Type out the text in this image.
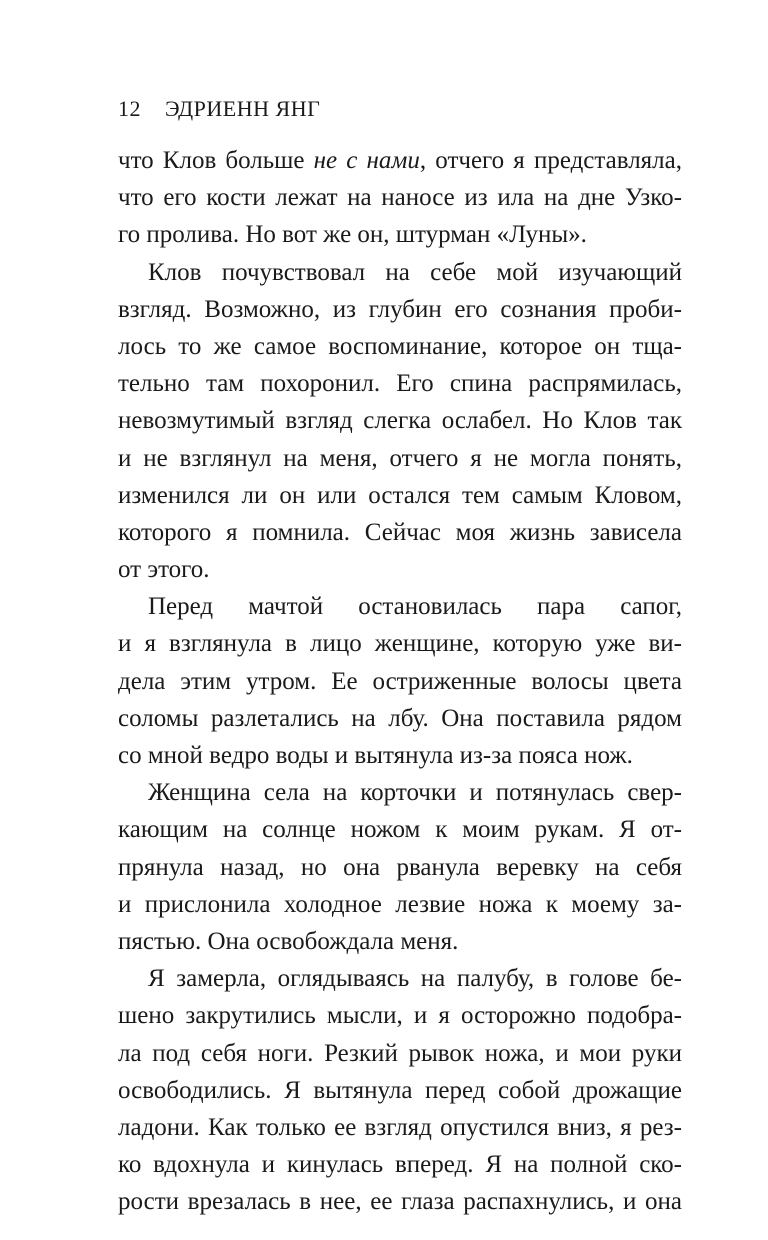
12 ЭДРИЕНН ЯНГ
что Клов больше не с нами, отчего я представляла,
что его кости лежат на наносе из ила на дне Узко-
го пролива. Но вот же он, штурман «Луны».
Клов почувствовал на себе мой изучающий
взгляд. Возможно, из глубин его сознания проби-
лось то же самое воспоминание, которое он тща-
тельно там похоронил. Его спина распрямилась,
невозмутимый взгляд слегка ослабел. Но Клов так
и не взглянул на меня, отчего я не могла понять,
изменился ли он или остался тем самым Кловом,
которого я помнила. Сейчас моя жизнь зависела
от этого.
Перед мачтой остановилась пара сапог,
и я взглянула в лицо женщине, которую уже ви-
дела этим утром. Ее остриженные волосы цвета
соломы разлетались на лбу. Она поставила рядом
со мной ведро воды и вытянула из-за пояса нож.
Женщина села на корточки и потянулась свер-
кающим на солнце ножом к моим рукам. Я от-
прянула назад, но она рванула веревку на себя
и прислонила холодное лезвие ножа к моему за-
пястью. Она освобождала меня.
Я замерла, оглядываясь на палубу, в голове бе-
шено закрутились мысли, и я осторожно подобра-
ла под себя ноги. Резкий рывок ножа, и мои руки
освободились. Я вытянула перед собой дрожащие
ладони. Как только ее взгляд опустился вниз, я рез-
ко вдохнула и кинулась вперед. Я на полной ско-
рости врезалась в нее, ее глаза распахнулись, и она
